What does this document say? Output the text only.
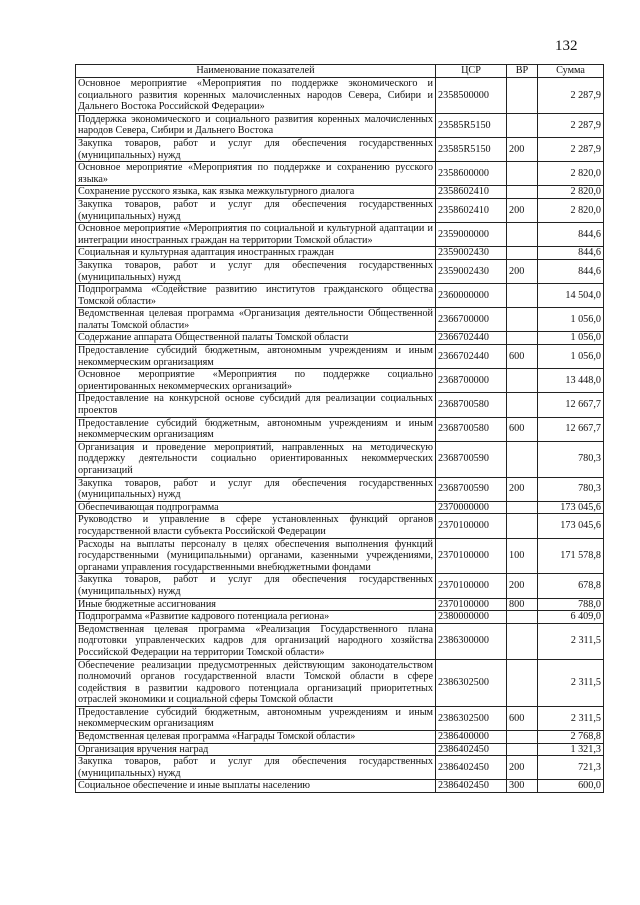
132
Наименование показателей	ЦСР	ВР	Сумма
Основное мероприятие «Мероприятия по поддержке экономического и социального развития коренных малочисленных народов Севера, Сибири и Дальнего Востока Российской Федерации»	2358500000		2 287,9
Поддержка экономического и социального развития коренных малочисленных народов Севера, Сибири и Дальнего Востока	23585R5150		2 287,9
Закупка товаров, работ и услуг для обеспечения государственных (муниципальных) нужд	23585R5150	200	2 287,9
Основное мероприятие «Мероприятия по поддержке и сохранению русского языка»	2358600000		2 820,0
Сохранение русского языка, как языка межкультурного диалога	2358602410		2 820,0
Закупка товаров, работ и услуг для обеспечения государственных (муниципальных) нужд	2358602410	200	2 820,0
Основное мероприятие «Мероприятия по социальной и культурной адаптации и интеграции иностранных граждан на территории Томской области»	2359000000		844,6
Социальная и культурная адаптация иностранных граждан	2359002430		844,6
Закупка товаров, работ и услуг для обеспечения государственных (муниципальных) нужд	2359002430	200	844,6
Подпрограмма «Содействие развитию институтов гражданского общества Томской области»	2360000000		14 504,0
Ведомственная целевая программа «Организация деятельности Общественной палаты Томской области»	2366700000		1 056,0
Содержание аппарата Общественной палаты Томской области	2366702440		1 056,0
Предоставление субсидий бюджетным, автономным учреждениям и иным некоммерческим организациям	2366702440	600	1 056,0
Основное мероприятие «Мероприятия по поддержке социально ориентированных некоммерческих организаций»	2368700000		13 448,0
Предоставление на конкурсной основе субсидий для реализации социальных проектов	2368700580		12 667,7
Предоставление субсидий бюджетным, автономным учреждениям и иным некоммерческим организациям	2368700580	600	12 667,7
Организация и проведение мероприятий, направленных на методическую поддержку деятельности социально ориентированных некоммерческих организаций	2368700590		780,3
Закупка товаров, работ и услуг для обеспечения государственных (муниципальных) нужд	2368700590	200	780,3
Обеспечивающая подпрограмма	2370000000		173 045,6
Руководство и управление в сфере установленных функций органов государственной власти субъекта Российской Федерации	2370100000		173 045,6
Расходы на выплаты персоналу в целях обеспечения выполнения функций государственными (муниципальными) органами, казенными учреждениями, органами управления государственными внебюджетными фондами	2370100000	100	171 578,8
Закупка товаров, работ и услуг для обеспечения государственных (муниципальных) нужд	2370100000	200	678,8
Иные бюджетные ассигнования	2370100000	800	788,0
Подпрограмма «Развитие кадрового потенциала региона»	2380000000		6 409,0
Ведомственная целевая программа «Реализация Государственного плана подготовки управленческих кадров для организаций народного хозяйства Российской Федерации на территории Томской области»	2386300000		2 311,5
Обеспечение реализации предусмотренных действующим законодательством полномочий органов государственной власти Томской области в сфере содействия в развитии кадрового потенциала организаций приоритетных отраслей экономики и социальной сферы Томской области	2386302500		2 311,5
Предоставление субсидий бюджетным, автономным учреждениям и иным некоммерческим организациям	2386302500	600	2 311,5
Ведомственная целевая программа «Награды Томской области»	2386400000		2 768,8
Организация вручения наград	2386402450		1 321,3
Закупка товаров, работ и услуг для обеспечения государственных (муниципальных) нужд	2386402450	200	721,3
Социальное обеспечение и иные выплаты населению	2386402450	300	600,0
